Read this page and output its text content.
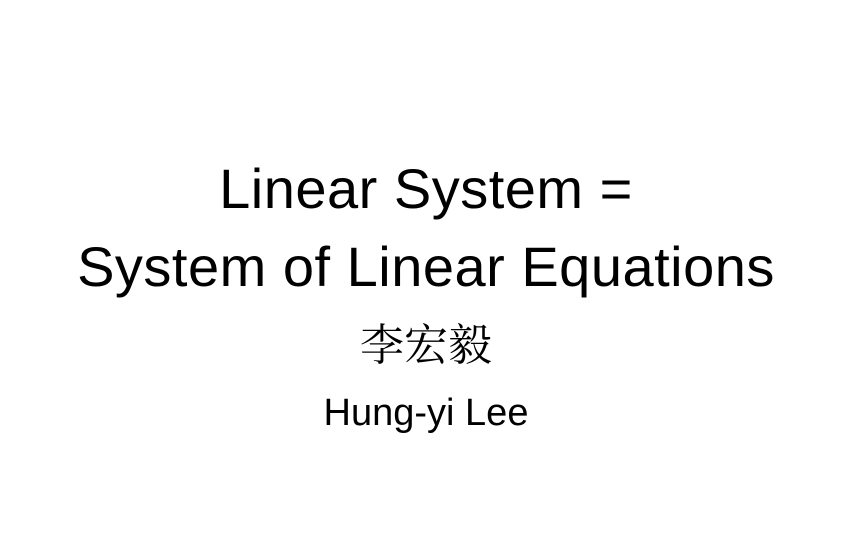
Linear System =
System of Linear Equations
李宏毅
Hung-yi Lee
